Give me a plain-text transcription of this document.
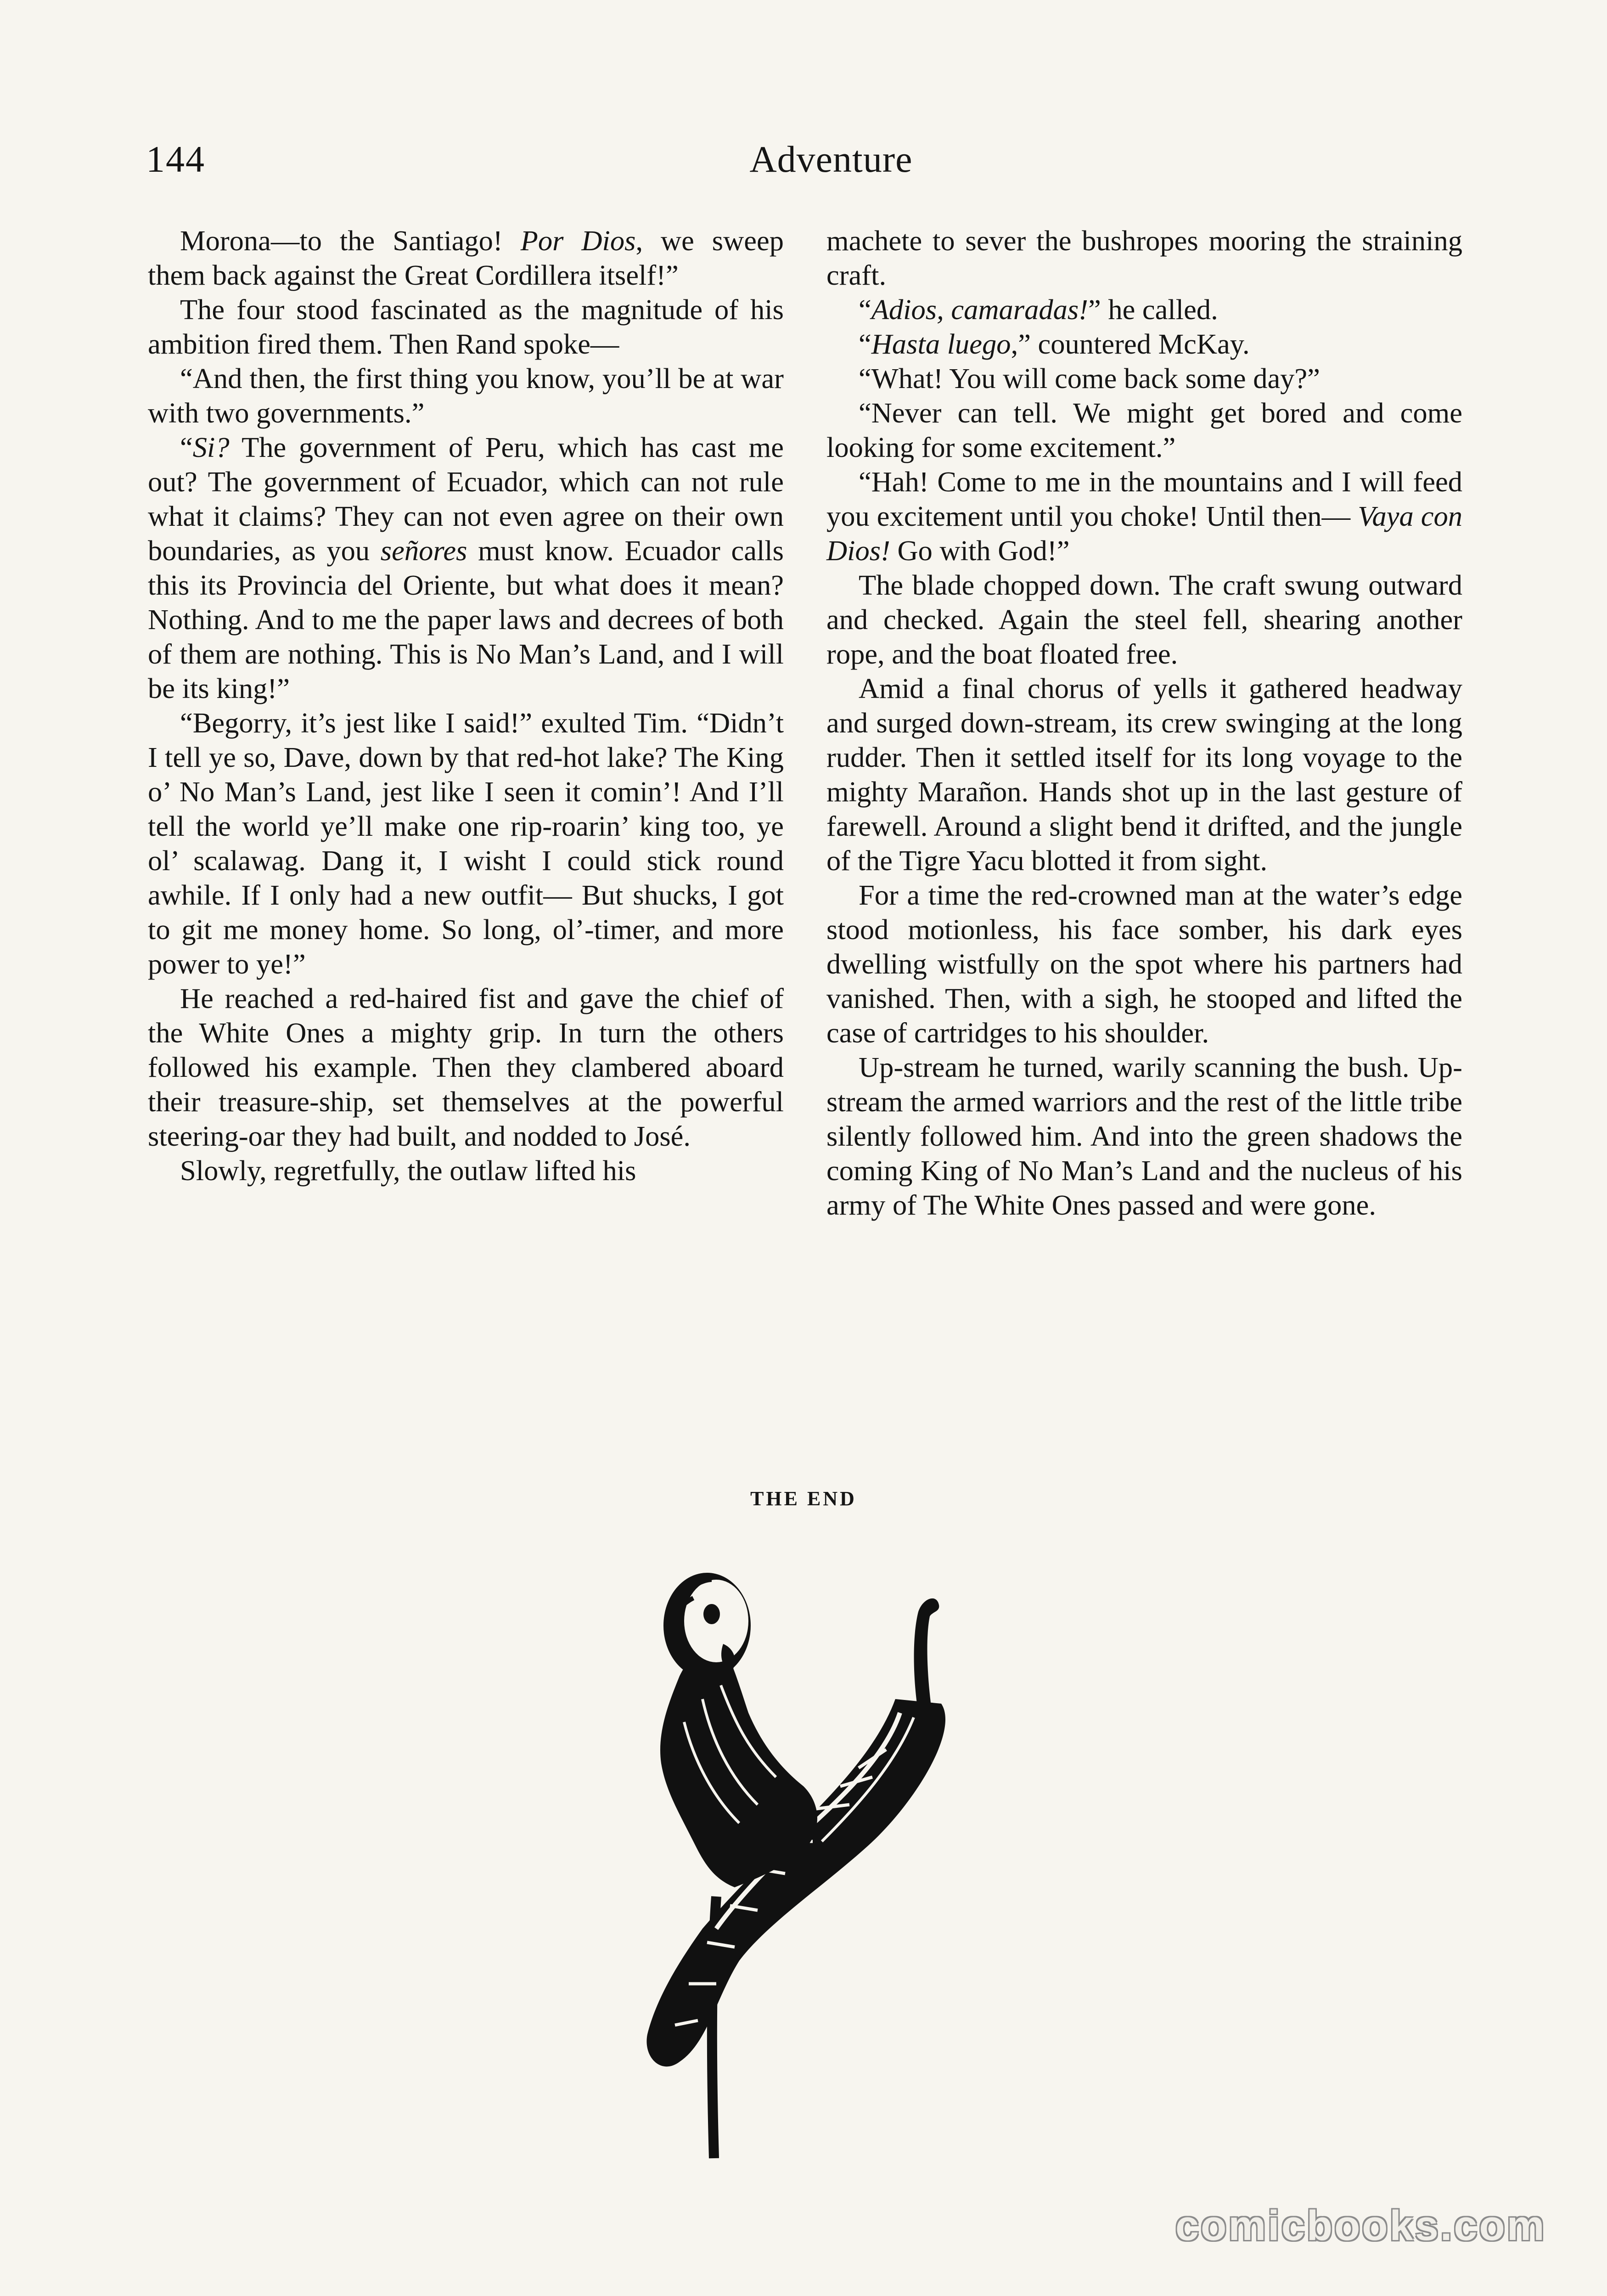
144	Adventure

Morona—to the Santiago! Por Dios, we sweep them back against the Great Cordillera itself!”

The four stood fascinated as the magnitude of his ambition fired them. Then Rand spoke—

“And then, the first thing you know, you’ll be at war with two governments.”

“Si? The government of Peru, which has cast me out? The government of Ecuador, which can not rule what it claims? They can not even agree on their own boundaries, as you señores must know. Ecuador calls this its Provincia del Oriente, but what does it mean? Nothing. And to me the paper laws and decrees of both of them are nothing. This is No Man’s Land, and I will be its king!”

“Begorry, it’s jest like I said!” exulted Tim. “Didn’t I tell ye so, Dave, down by that red-hot lake? The King o’ No Man’s Land, jest like I seen it comin’! And I’ll tell the world ye’ll make one rip-roarin’ king too, ye ol’ scalawag. Dang it, I wisht I could stick round awhile. If I only had a new outfit— But shucks, I got to git me money home. So long, ol’-timer, and more power to ye!”

He reached a red-haired fist and gave the chief of the White Ones a mighty grip. In turn the others followed his example. Then they clambered aboard their treasure-ship, set themselves at the powerful steering-oar they had built, and nodded to José.

Slowly, regretfully, the outlaw lifted his

machete to sever the bushropes mooring the straining craft.

“Adios, camaradas!” he called.

“Hasta luego,” countered McKay.

“What! You will come back some day?”

“Never can tell. We might get bored and come looking for some excitement.”

“Hah! Come to me in the mountains and I will feed you excitement until you choke! Until then— Vaya con Dios! Go with God!”

The blade chopped down. The craft swung outward and checked. Again the steel fell, shearing another rope, and the boat floated free.

Amid a final chorus of yells it gathered headway and surged down-stream, its crew swinging at the long rudder. Then it settled itself for its long voyage to the mighty Marañon. Hands shot up in the last gesture of farewell. Around a slight bend it drifted, and the jungle of the Tigre Yacu blotted it from sight.

For a time the red-crowned man at the water’s edge stood motionless, his face somber, his dark eyes dwelling wistfully on the spot where his partners had vanished. Then, with a sigh, he stooped and lifted the case of cartridges to his shoulder.

Up-stream he turned, warily scanning the bush. Up-stream the armed warriors and the rest of the little tribe silently followed him. And into the green shadows the coming King of No Man’s Land and the nucleus of his army of The White Ones passed and were gone.

THE END
comicbooks.com
